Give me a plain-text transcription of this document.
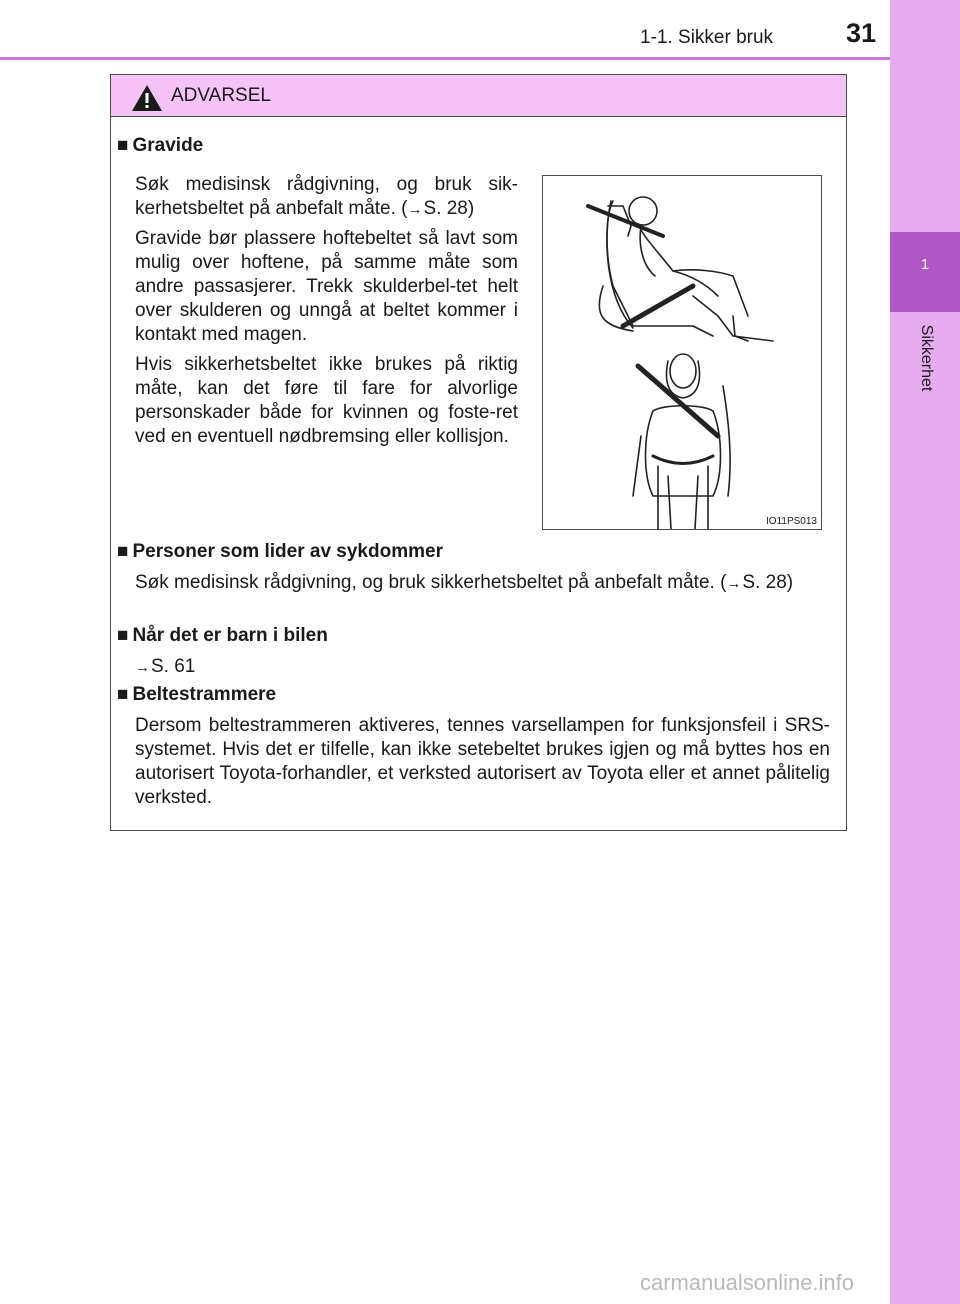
1
Sikkerhet
1-1. Sikker bruk	31
ADVARSEL
■ Gravide
Søk medisinsk rådgivning, og bruk sik-kerhetsbeltet på anbefalt måte. (→S. 28)
Gravide bør plassere hoftebeltet så lavt som mulig over hoftene, på samme måte som andre passasjerer. Trekk skulderbel-tet helt over skulderen og unngå at beltet kommer i kontakt med magen.
Hvis sikkerhetsbeltet ikke brukes på riktig måte, kan det føre til fare for alvorlige personskader både for kvinnen og foste-ret ved en eventuell nødbremsing eller kollisjon.
IO11PS013
■ Personer som lider av sykdommer
Søk medisinsk rådgivning, og bruk sikkerhetsbeltet på anbefalt måte. (→S. 28)
■ Når det er barn i bilen
→S. 61
■ Beltestrammere
Dersom beltestrammeren aktiveres, tennes varsellampen for funksjonsfeil i SRS-systemet. Hvis det er tilfelle, kan ikke setebeltet brukes igjen og må byttes hos en autorisert Toyota-forhandler, et verksted autorisert av Toyota eller et annet pålitelig verksted.
carmanualsonline.info
